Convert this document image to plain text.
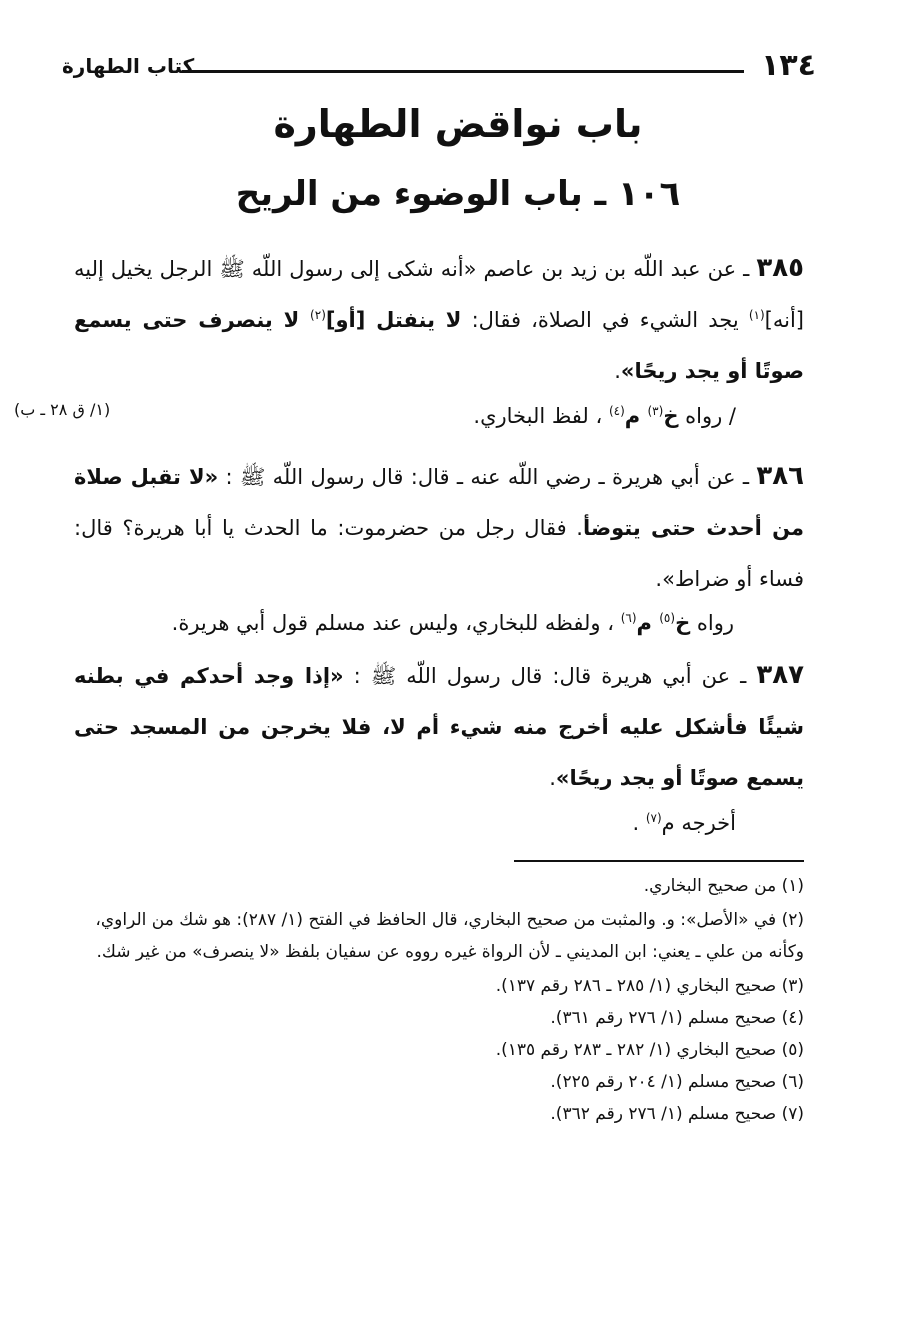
١٣٤
كتاب الطهارة
باب نواقض الطهارة
١٠٦ ـ باب الوضوء من الريح
٣٨٥ ـ عن عبد اللّه بن زيد بن عاصم «أنه شكى إلى رسول اللّه ﷺ الرجل يخيل إليه [أنه]$^{(١)}$ يجد الشيء في الصلاة، فقال: لا ينفتل [أو]$^{(٢)}$ لا ينصرف حتى يسمع صوتًا أو يجد ريحًا».
/ رواه خ$^{(٣)}$ م$^{(٤)}$ ، لفظ البخاري.
(١/ ق ٢٨ ـ ب)
٣٨٦ ـ عن أبي هريرة ـ رضي اللّه عنه ـ قال: قال رسول اللّه ﷺ : «لا تقبل صلاة من أحدث حتى يتوضأ. فقال رجل من حضرموت: ما الحدث يا أبا هريرة؟ قال: فساء أو ضراط».
رواه خ$^{(٥)}$ م$^{(٦)}$ ، ولفظه للبخاري، وليس عند مسلم قول أبي هريرة.
٣٨٧ ـ عن أبي هريرة قال: قال رسول اللّه ﷺ : «إذا وجد أحدكم في بطنه شيئًا فأشكل عليه أخرج منه شيء أم لا، فلا يخرجن من المسجد حتى يسمع صوتًا أو يجد ريحًا».
أخرجه م$^{(٧)}$ .
(١) من صحيح البخاري.
(٢) في «الأصل»: و. والمثبت من صحيح البخاري، قال الحافظ في الفتح (١/ ٢٨٧): هو شك من الراوي، وكأنه من علي ـ يعني: ابن المديني ـ لأن الرواة غيره رووه عن سفيان بلفظ «لا ينصرف» من غير شك.
(٣) صحيح البخاري (١/ ٢٨٥ ـ ٢٨٦ رقم ١٣٧).
(٤) صحيح مسلم (١/ ٢٧٦ رقم ٣٦١).
(٥) صحيح البخاري (١/ ٢٨٢ ـ ٢٨٣ رقم ١٣٥).
(٦) صحيح مسلم (١/ ٢٠٤ رقم ٢٢٥).
(٧) صحيح مسلم (١/ ٢٧٦ رقم ٣٦٢).
